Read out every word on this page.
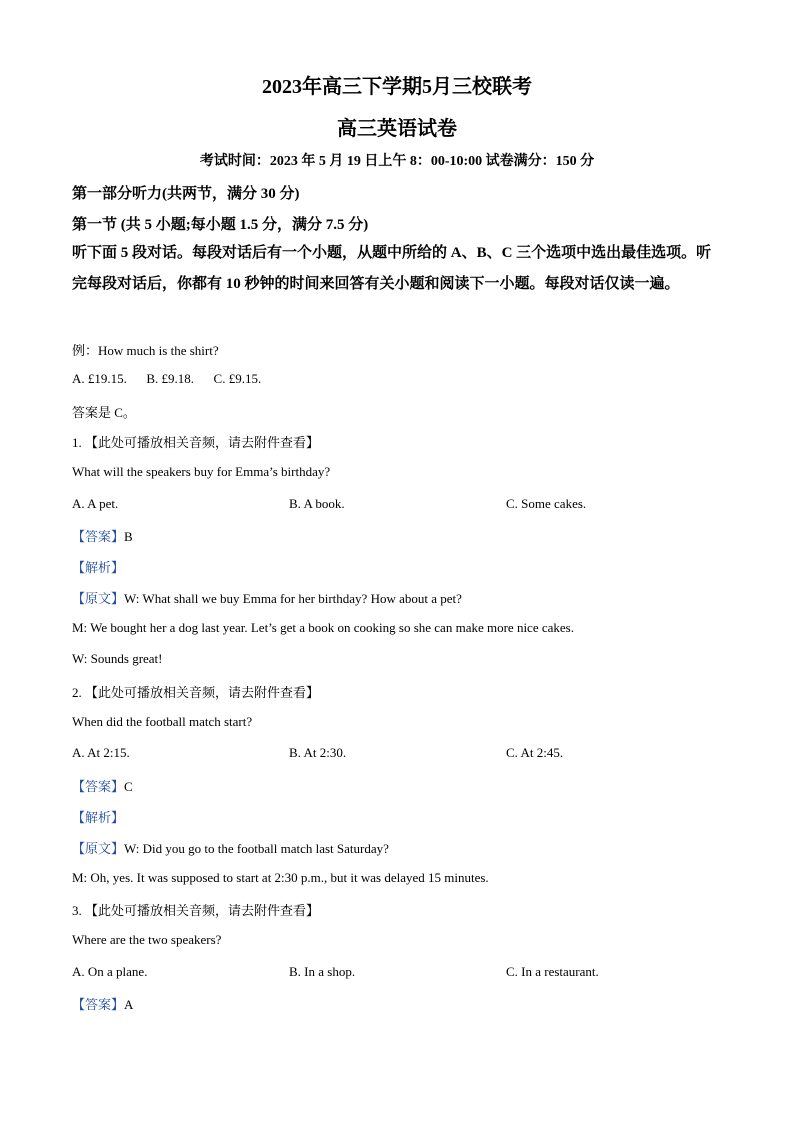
2023年高三下学期5月三校联考
高三英语试卷
考试时间：2023 年 5 月 19 日上午 8：00-10:00 试卷满分：150 分
第一部分听力(共两节，满分 30 分)
第一节 (共 5 小题;每小题 1.5 分，满分 7.5 分)
听下面 5 段对话。每段对话后有一个小题，从题中所给的 A、B、C 三个选项中选出最佳选项。听完每段对话后，你都有 10 秒钟的时间来回答有关小题和阅读下一小题。每段对话仅读一遍。
例：How much is the shirt?
A. £19.15.      B. £9.18.      C. £9.15.
答案是 C。
1. 【此处可播放相关音频，请去附件查看】
What will the speakers buy for Emma’s birthday?
A. A pet.	B. A book.	C. Some cakes.
【答案】B
【解析】
【原文】W: What shall we buy Emma for her birthday? How about a pet?
M: We bought her a dog last year. Let’s get a book on cooking so she can make more nice cakes.
W: Sounds great!
2. 【此处可播放相关音频，请去附件查看】
When did the football match start?
A. At 2:15.	B. At 2:30.	C. At 2:45.
【答案】C
【解析】
【原文】W: Did you go to the football match last Saturday?
M: Oh, yes. It was supposed to start at 2:30 p.m., but it was delayed 15 minutes.
3. 【此处可播放相关音频，请去附件查看】
Where are the two speakers?
A. On a plane.	B. In a shop.	C. In a restaurant.
【答案】A
